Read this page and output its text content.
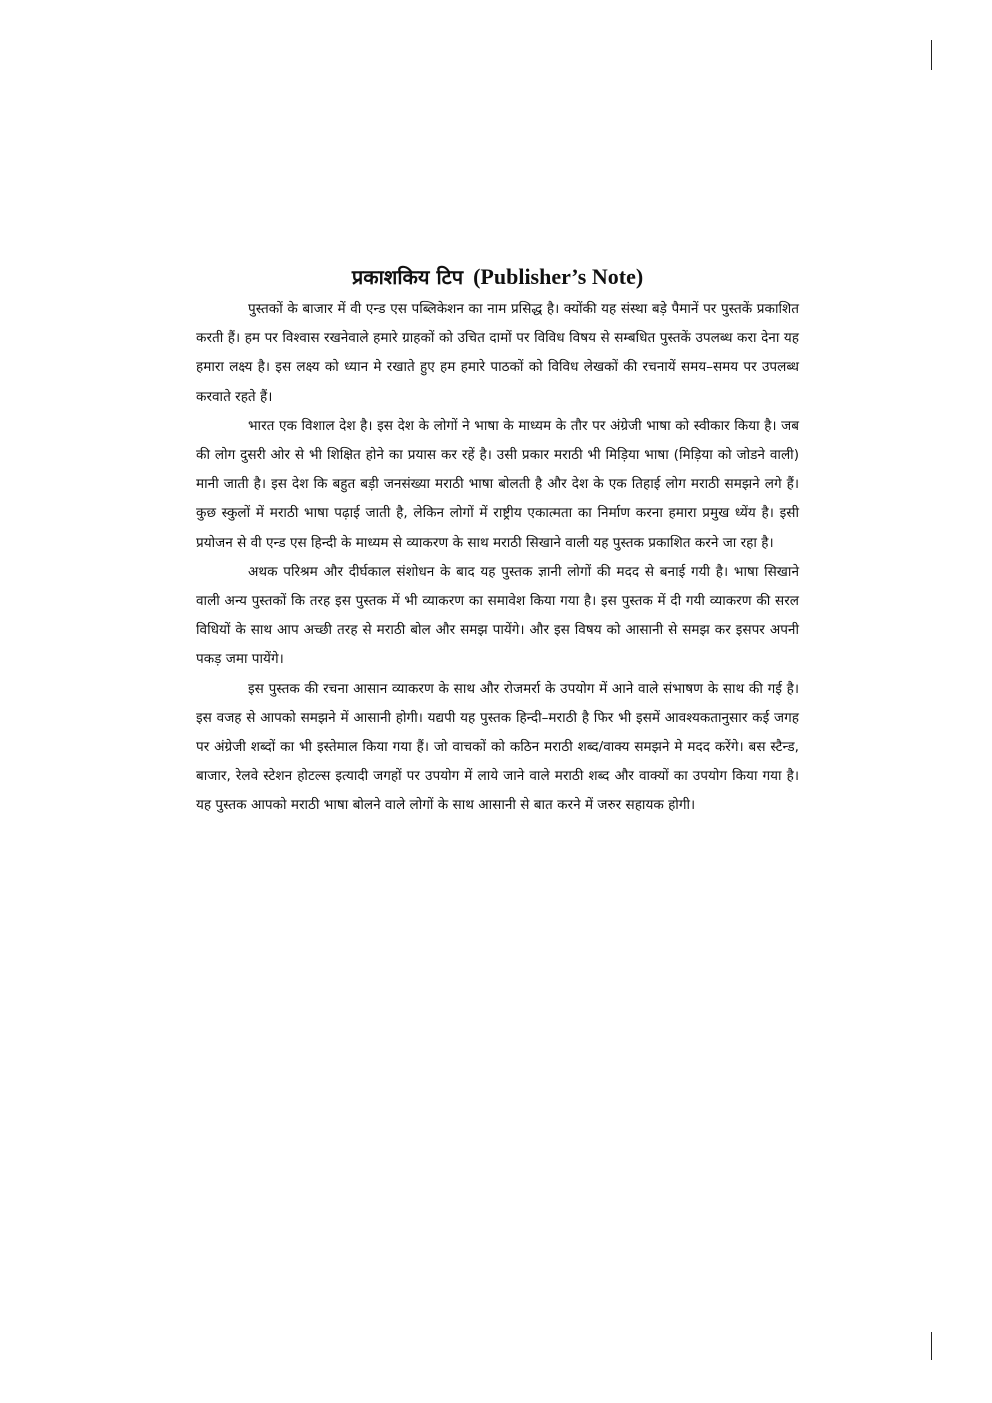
प्रकाशकिय टिप (Publisher’s Note)

पुस्तकों के बाजार में वी एन्ड एस पब्लिकेशन का नाम प्रसिद्ध है। क्योंकी यह संस्था बड़े पैमानें पर पुस्तकें प्रकाशित करती हैं। हम पर विश्वास रखनेवाले हमारे ग्राहकों को उचित दामों पर विविध विषय से सम्बधित पुस्तकें उपलब्ध करा देना यह हमारा लक्ष्य है। इस लक्ष्य को ध्यान मे रखाते हुए हम हमारे पाठकों को विविध लेखकों की रचनायें समय–समय पर उपलब्ध करवाते रहते हैं।

भारत एक विशाल देश है। इस देश के लोगों ने भाषा के माध्यम के तौर पर अंग्रेजी भाषा को स्वीकार किया है। जब की लोग दुसरी ओर से भी शिक्षित होने का प्रयास कर रहें है। उसी प्रकार मराठी भी मिड़िया भाषा (मिड़िया को जोडने वाली) मानी जाती है। इस देश कि बहुत बड़ी जनसंख्या मराठी भाषा बोलती है और देश के एक तिहाई लोग मराठी समझने लगे हैं। कुछ स्कुलों में मराठी भाषा पढ़ाई जाती है, लेकिन लोगों में राष्ट्रीय एकात्मता का निर्माण करना हमारा प्रमुख ध्येंय है। इसी प्रयोजन से वी एन्ड एस हिन्दी के माध्यम से व्याकरण के साथ मराठी सिखाने वाली यह पुस्तक प्रकाशित करने जा रहा है।

अथक परिश्रम और दीर्घकाल संशोधन के बाद यह पुस्तक ज्ञानी लोगों की मदद से बनाई गयी है। भाषा सिखाने वाली अन्य पुस्तकों कि तरह इस पुस्तक में भी व्याकरण का समावेश किया गया है। इस पुस्तक में दी गयी व्याकरण की सरल विधियों के साथ आप अच्छी तरह से मराठी बोल और समझ पायेंगे। और इस विषय को आसानी से समझ कर इसपर अपनी पकड़ जमा पायेंगे।

इस पुस्तक की रचना आसान व्याकरण के साथ और रोजमर्रा के उपयोग में आने वाले संभाषण के साथ की गई है। इस वजह से आपको समझने में आसानी होगी। यद्यपी यह पुस्तक हिन्दी–मराठी है फिर भी इसमें आवश्यकतानुसार कई जगह पर अंग्रेजी शब्दों का भी इस्तेमाल किया गया हैं। जो वाचकों को कठिन मराठी शब्द/वाक्य समझने मे मदद करेंगे। बस स्टैन्ड, बाजार, रेलवे स्टेशन होटल्स इत्यादी जगहों पर उपयोग में लाये जाने वाले मराठी शब्द और वाक्यों का उपयोग किया गया है। यह पुस्तक आपको मराठी भाषा बोलने वाले लोगों के साथ आसानी से बात करने में जरुर सहायक होगी।
